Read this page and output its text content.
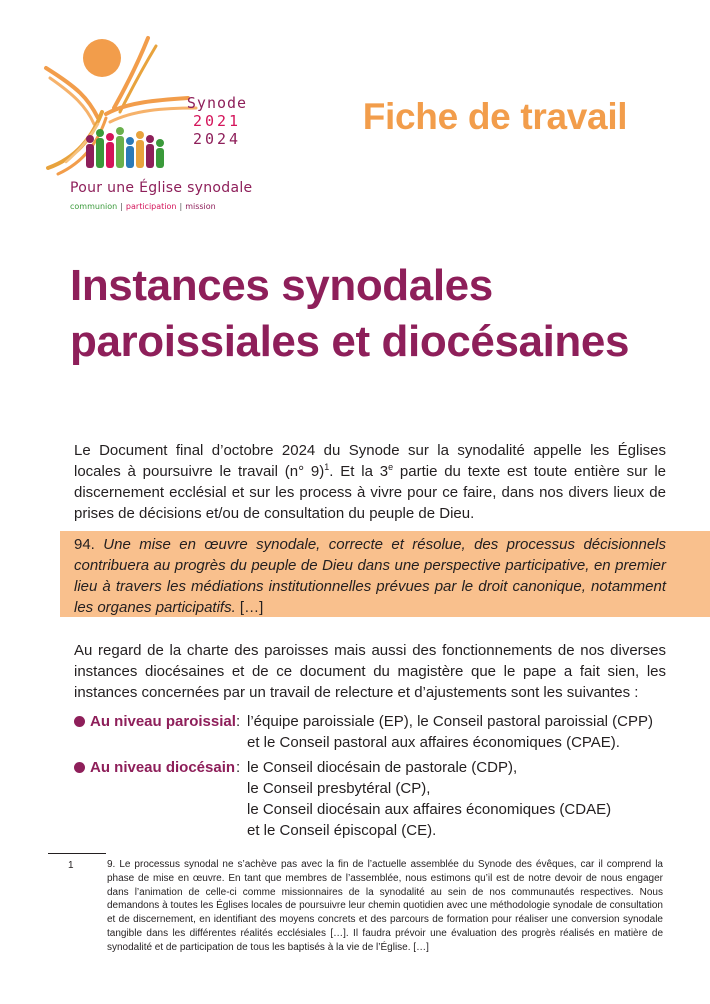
Synode
2021
2024
Pour une Église synodale
communion | participation | mission
Fiche de travail
Instances synodales
paroissiales et diocésaines

Le Document final d’octobre 2024 du Synode sur la synodalité appelle les Églises locales à poursuivre le travail (n° 9)$^1$. Et la 3e partie du texte est toute entière sur le discernement ecclésial et sur les process à vivre pour ce faire, dans nos divers lieux de prises de décisions et/ou de consultation du peuple de Dieu.

94. Une mise en œuvre synodale, correcte et résolue, des processus décisionnels contribuera au progrès du peuple de Dieu dans une perspective participative, en premier lieu à travers les médiations institutionnelles prévues par le droit canonique, notamment les organes participatifs. […]

Au regard de la charte des paroisses mais aussi des fonctionnements de nos diverses instances diocésaines et de ce document du magistère que le pape a fait sien, les instances concernées par un travail de relecture et d’ajustements sont les suivantes :

Au niveau paroissial : l’équipe paroissiale (EP), le Conseil pastoral paroissial (CPP)
et le Conseil pastoral aux affaires économiques (CPAE).
Au niveau diocésain : le Conseil diocésain de pastorale (CDP),
le Conseil presbytéral (CP),
le Conseil diocésain aux affaires économiques (CDAE)
et le Conseil épiscopal (CE).
1	9. Le processus synodal ne s’achève pas avec la fin de l’actuelle assemblée du Synode des évêques, car il comprend la phase de mise en œuvre. En tant que membres de l’assemblée, nous estimons qu’il est de notre devoir de nous engager dans l’animation de celle-ci comme missionnaires de la synodalité au sein de nos communautés respectives. Nous demandons à toutes les Églises locales de poursuivre leur chemin quotidien avec une méthodologie synodale de consultation et de discernement, en identifiant des moyens concrets et des parcours de formation pour réaliser une conversion synodale tangible dans les différentes réalités ecclésiales […]. Il faudra prévoir une évaluation des progrès réalisés en matière de synodalité et de participation de tous les baptisés à la vie de l’Église. […]
